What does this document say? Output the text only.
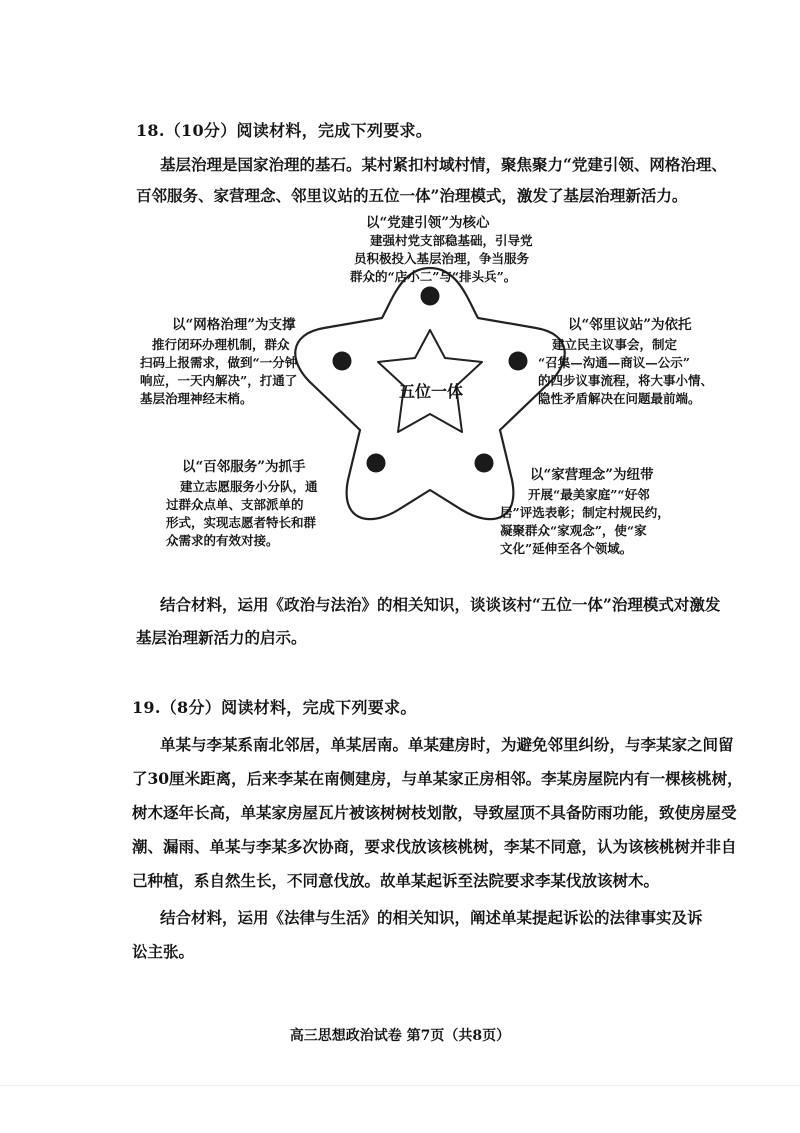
18.（10分）阅读材料，完成下列要求。
基层治理是国家治理的基石。某村紧扣村域村情，聚焦聚力“党建引领、网格治理、
百邻服务、家营理念、邻里议站的五位一体”治理模式，激发了基层治理新活力。
五位一体
以“党建引领”为核心
建强村党支部稳基础，引导党
员积极投入基层治理，争当服务
群众的“店小二”与“排头兵”。
以“网格治理”为支撑
推行闭环办理机制，群众
扫码上报需求，做到“一分钟
响应，一天内解决”，打通了
基层治理神经末梢。
以“邻里议站”为依托
建立民主议事会，制定
“召集—沟通—商议—公示”
的四步议事流程，将大事小情、
隐性矛盾解决在问题最前端。
以“百邻服务”为抓手
建立志愿服务小分队，通
过群众点单、支部派单的
形式，实现志愿者特长和群
众需求的有效对接。
以“家营理念”为纽带
开展“最美家庭”“好邻
居”评选表彰；制定村规民约，
凝聚群众“家观念”，使“家
文化”延伸至各个领域。
结合材料，运用《政治与法治》的相关知识，谈谈该村“五位一体”治理模式对激发
基层治理新活力的启示。
19.（8分）阅读材料，完成下列要求。
单某与李某系南北邻居，单某居南。单某建房时，为避免邻里纠纷，与李某家之间留
了30厘米距离，后来李某在南侧建房，与单某家正房相邻。李某房屋院内有一棵核桃树，
树木逐年长高，单某家房屋瓦片被该树树枝划散，导致屋顶不具备防雨功能，致使房屋受
潮、漏雨、单某与李某多次协商，要求伐放该核桃树，李某不同意，认为该核桃树并非自
己种植，系自然生长，不同意伐放。故单某起诉至法院要求李某伐放该树木。
结合材料，运用《法律与生活》的相关知识，阐述单某提起诉讼的法律事实及诉
讼主张。
高三思想政治试卷 第7页（共8页）
